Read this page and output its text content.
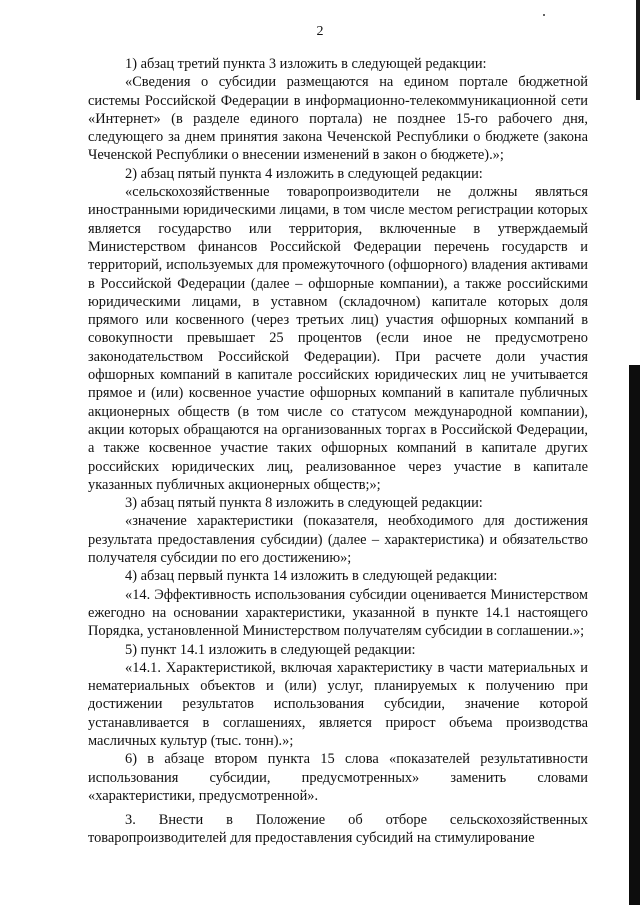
2

1) абзац третий пункта 3 изложить в следующей редакции:

«Сведения о субсидии размещаются на едином портале бюджетной системы Российской Федерации в информационно-телекоммуникационной сети «Интернет» (в разделе единого портала) не позднее 15-го рабочего дня, следующего за днем принятия закона Чеченской Республики о бюджете (закона Чеченской Республики о внесении изменений в закон о бюджете).»;

2) абзац пятый пункта 4 изложить в следующей редакции:

«сельскохозяйственные товаропроизводители не должны являться иностранными юридическими лицами, в том числе местом регистрации которых является государство или территория, включенные в утверждаемый Министерством финансов Российской Федерации перечень государств и территорий, используемых для промежуточного (офшорного) владения активами в Российской Федерации (далее – офшорные компании), а также российскими юридическими лицами, в уставном (складочном) капитале которых доля прямого или косвенного (через третьих лиц) участия офшорных компаний в совокупности превышает 25 процентов (если иное не предусмотрено законодательством Российской Федерации). При расчете доли участия офшорных компаний в капитале российских юридических лиц не учитывается прямое и (или) косвенное участие офшорных компаний в капитале публичных акционерных обществ (в том числе со статусом международной компании), акции которых обращаются на организованных торгах в Российской Федерации, а также косвенное участие таких офшорных компаний в капитале других российских юридических лиц, реализованное через участие в капитале указанных публичных акционерных обществ;»;

3) абзац пятый пункта 8 изложить в следующей редакции:

«значение характеристики (показателя, необходимого для достижения результата предоставления субсидии) (далее – характеристика) и обязательство получателя субсидии по его достижению»;

4) абзац первый пункта 14 изложить в следующей редакции:

«14. Эффективность использования субсидии оценивается Министерством ежегодно на основании характеристики, указанной в пункте 14.1 настоящего Порядка, установленной Министерством получателям субсидии в соглашении.»;

5) пункт 14.1 изложить в следующей редакции:

«14.1. Характеристикой, включая характеристику в части материальных и нематериальных объектов и (или) услуг, планируемых к получению при достижении результатов использования субсидии, значение которой устанавливается в соглашениях, является прирост объема производства масличных культур (тыс. тонн).»;

6) в абзаце втором пункта 15 слова «показателей результативности использования субсидии, предусмотренных» заменить словами «характеристики, предусмотренной».

3. Внести в Положение об отборе сельскохозяйственных товаропроизводителей для предоставления субсидий на стимулирование
